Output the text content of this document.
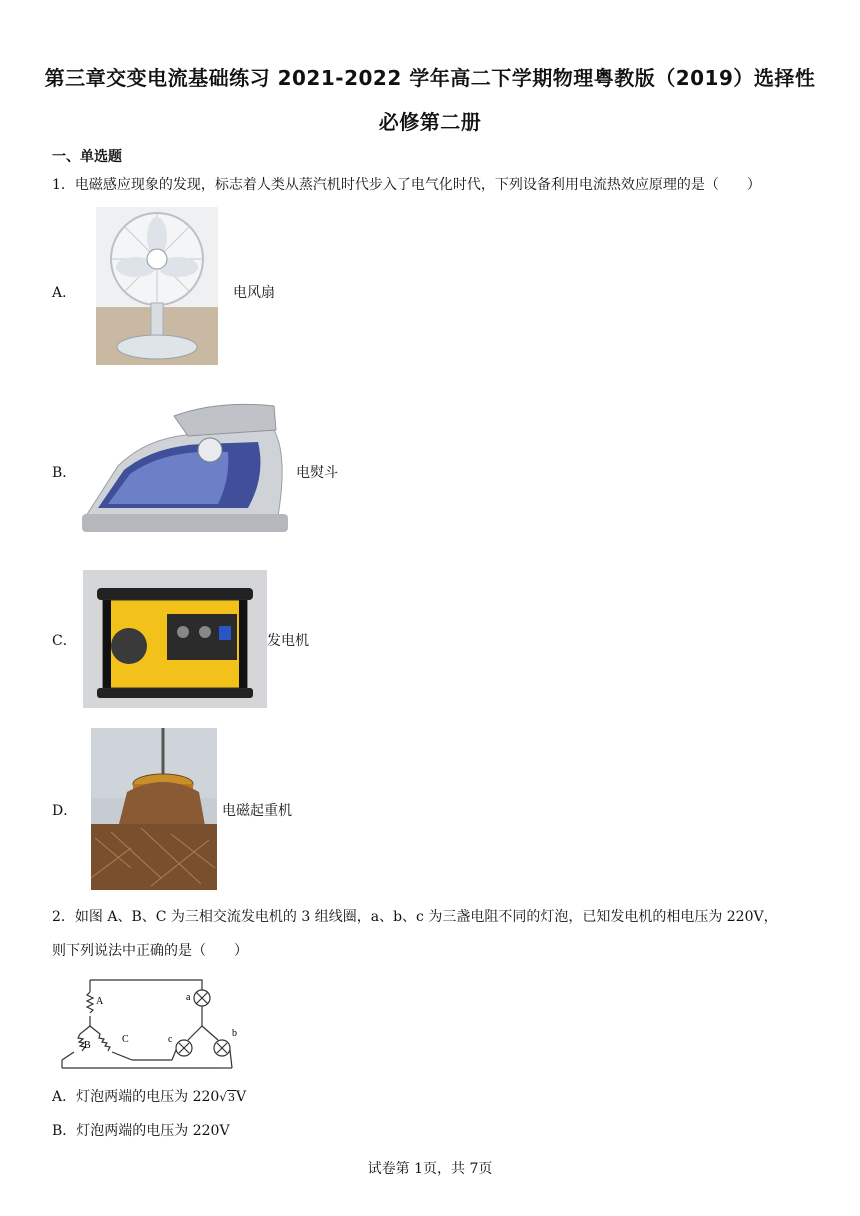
第三章交变电流基础练习 2021-2022 学年高二下学期物理粤教版（2019）选择性
必修第二册
一、单选题
1．电磁感应现象的发现，标志着人类从蒸汽机时代步入了电气化时代，下列设备利用电流热效应原理的是（　　）
A．	电风扇
B．	电熨斗
C．	发电机
D．	电磁起重机
2．如图 A、B、C 为三相交流发电机的 3 组线圈，a、b、c 为三盏电阻不同的灯泡，已知发电机的相电压为 220V，
则下列说法中正确的是（　　）
A
B
C
a
c
b
A．灯泡两端的电压为 220√3V
B．灯泡两端的电压为 220V
试卷第 1页，共 7页
